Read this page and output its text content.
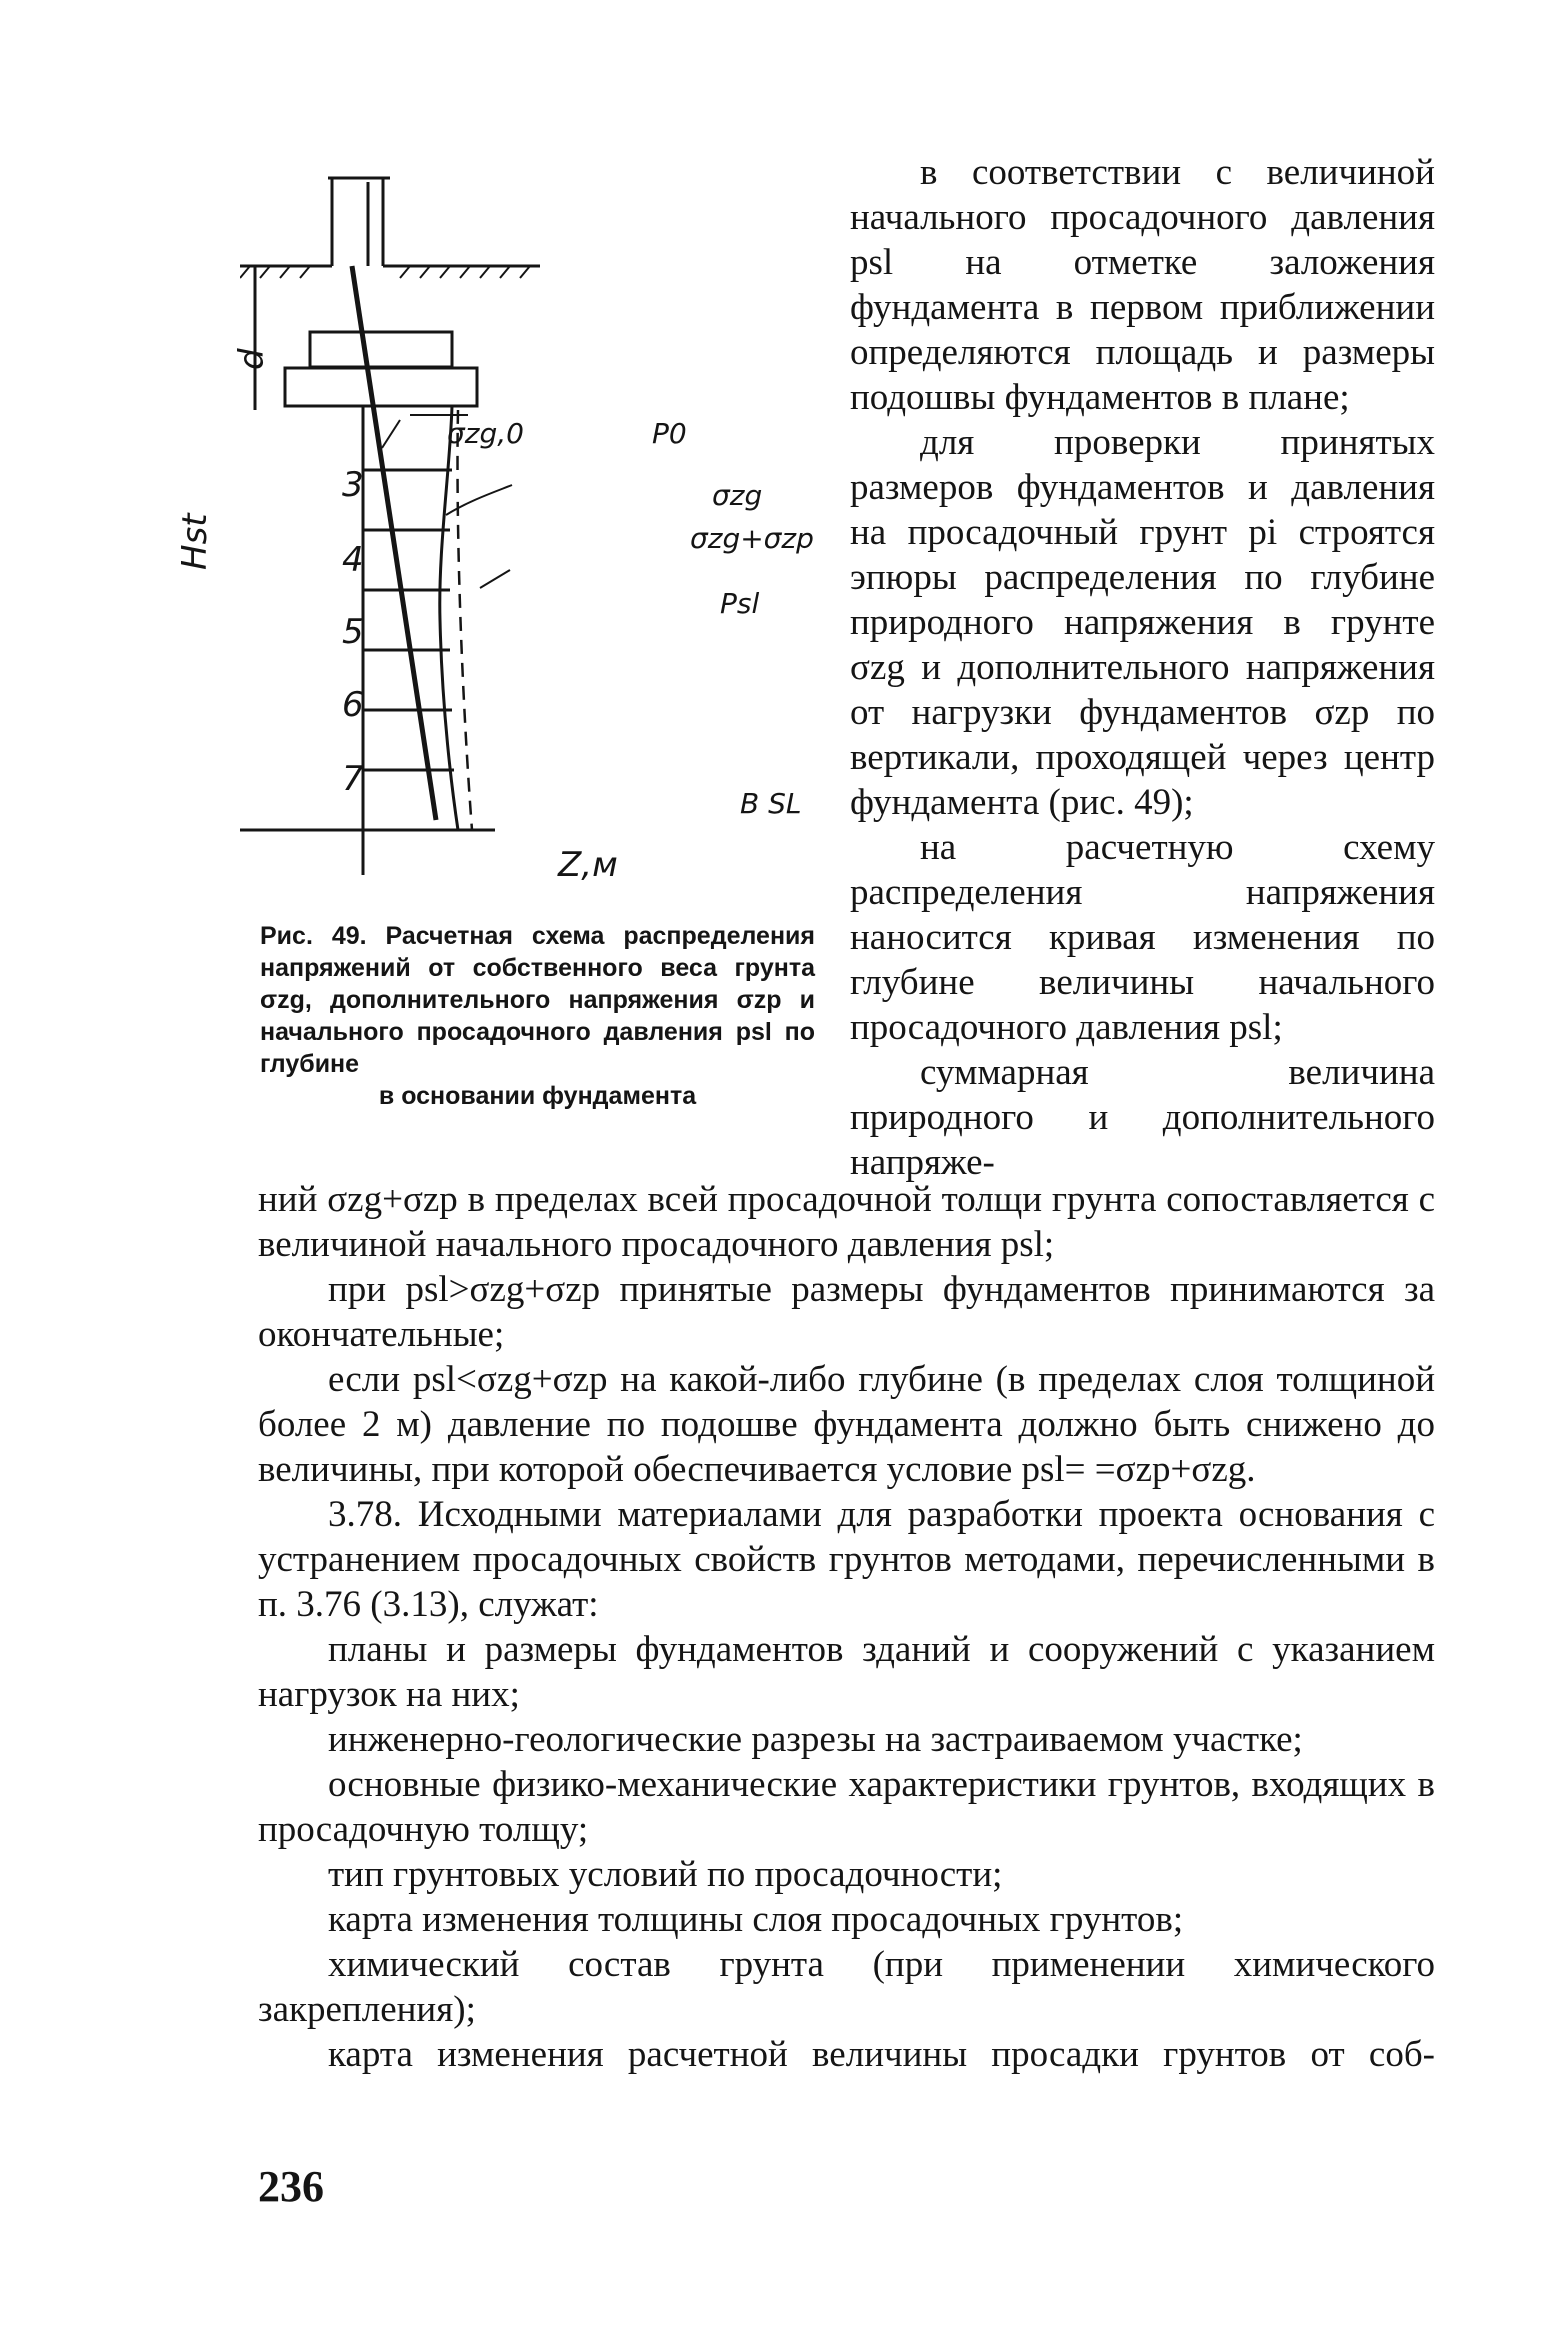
d
Hst
σzg,0	P0
σzg
σzg+σzp
Psl
3
4
5
6
7
B SL
Z,м
Рис. 49. Расчетная схема распределения напряжений от собственного веса грунта σzg, дополнительного напряжения σzp и начального просадочного давления psl по глубине
в основании фундамента

в соответствии с величиной начального просадочного давления psl на отметке заложения фундамента в первом приближении определяются площадь и размеры подошвы фундаментов в плане;

для проверки принятых размеров фундаментов и давления на просадочный грунт pi строятся эпюры распределения по глубине природного напряжения в грунте σzg и дополнительного напряжения от нагрузки фундаментов σzp по вертикали, проходящей через центр фундамента (рис. 49);

на расчетную схему распределения напряжения наносится кривая изменения по глубине величины начального просадочного давления psl;

суммарная величина природного и дополнительного напряже-

ний σzg+σzp в пределах всей просадочной толщи грунта сопоставляется с величиной начального просадочного давления psl;

при psl>σzg+σzp принятые размеры фундаментов принимаются за окончательные;

если psl<σzg+σzp на какой-либо глубине (в пределах слоя толщиной более 2 м) давление по подошве фундамента должно быть снижено до величины, при которой обеспечивается условие psl= =σzp+σzg.

3.78. Исходными материалами для разработки проекта основания с устранением просадочных свойств грунтов методами, перечисленными в п. 3.76 (3.13), служат:

планы и размеры фундаментов зданий и сооружений с указанием нагрузок на них;

инженерно-геологические разрезы на застраиваемом участке;

основные физико-механические характеристики грунтов, входящих в просадочную толщу;

тип грунтовых условий по просадочности;

карта изменения толщины слоя просадочных грунтов;

химический состав грунта (при применении химического закрепления);

карта изменения расчетной величины просадки грунтов от соб-

236
